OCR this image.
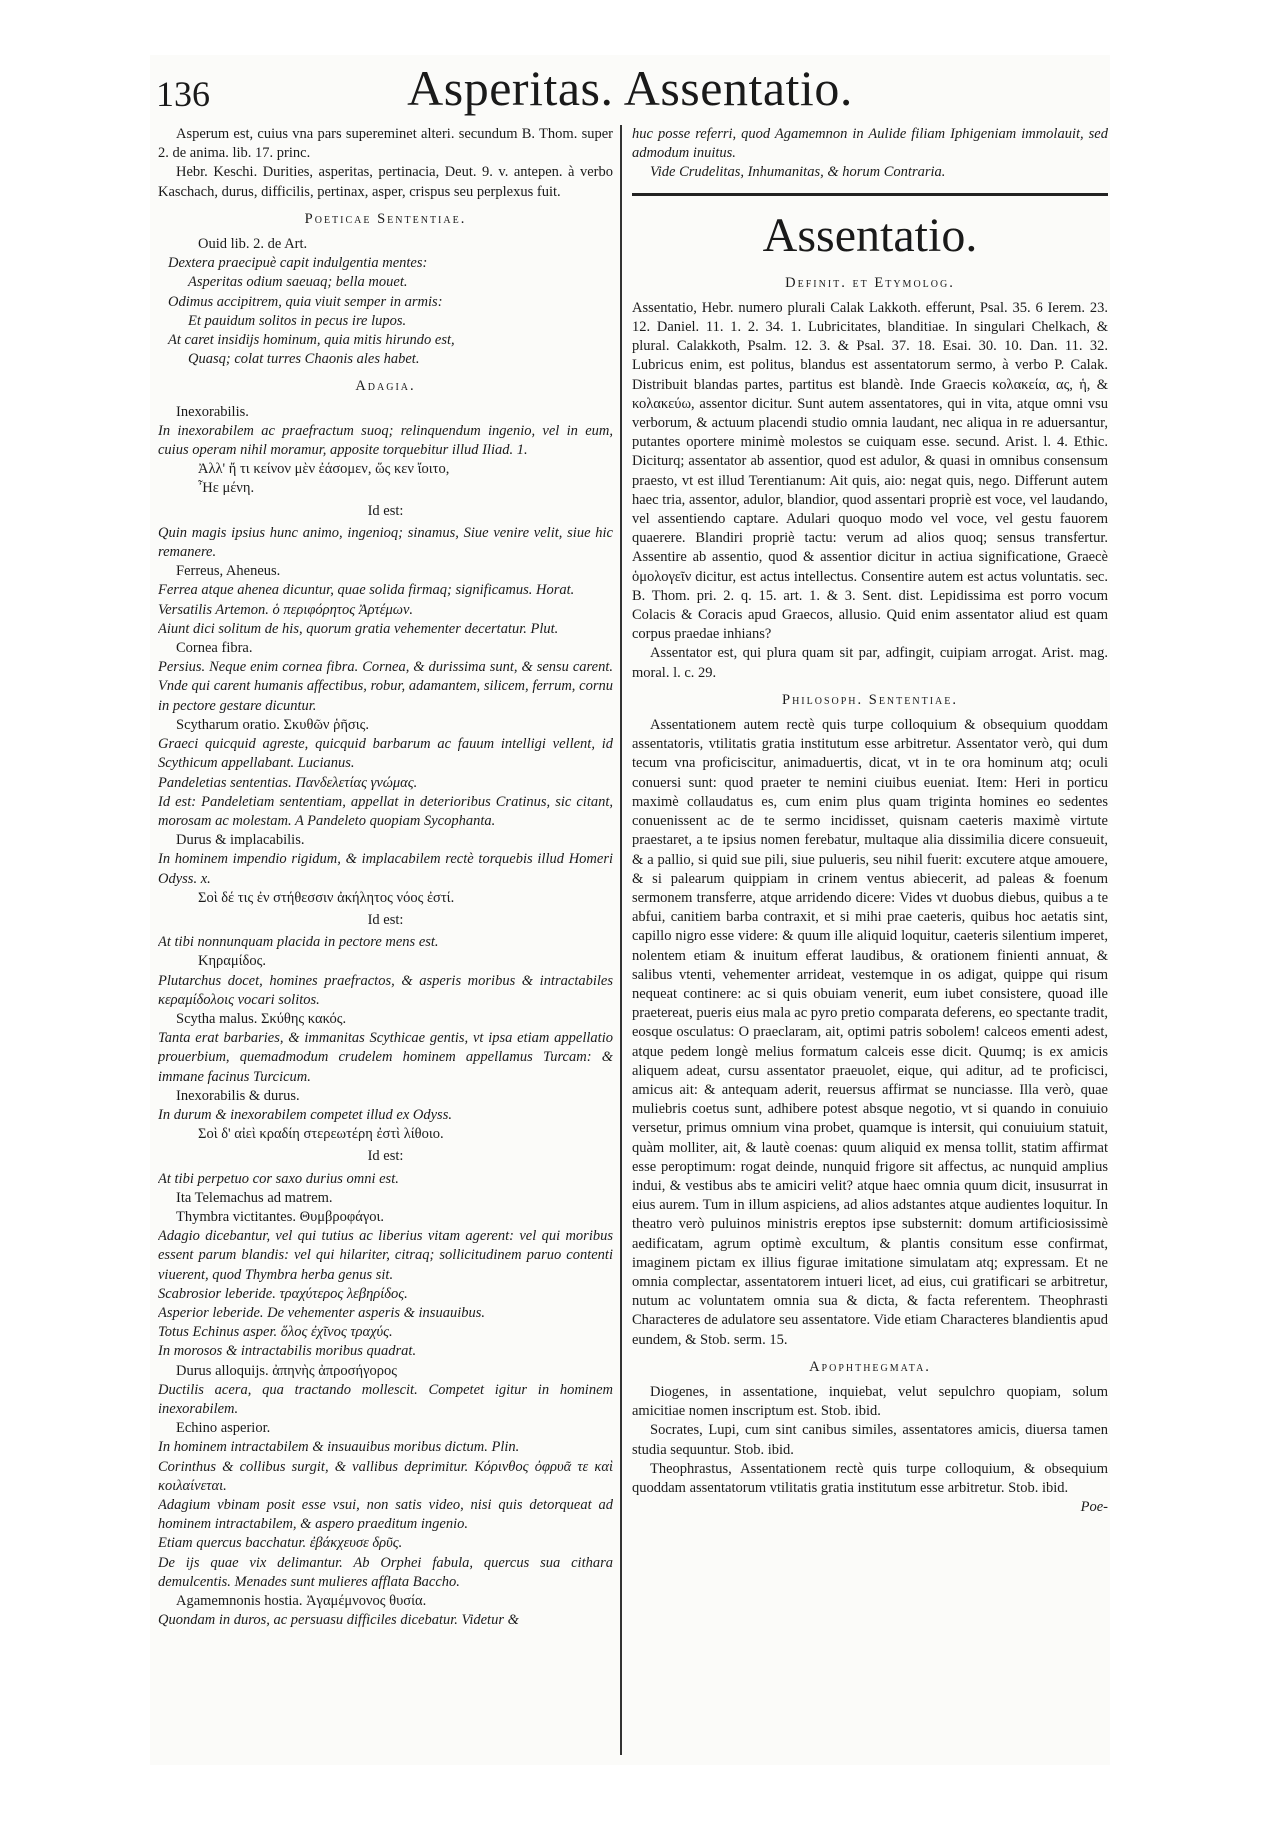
136	Asperitas. Assentatio.

Asperum est, cuius vna pars supereminet alteri. secundum B. Thom. super 2. de anima. lib. 17. princ.

Hebr. Keschi. Durities, asperitas, pertinacia, Deut. 9. v. antepen. à verbo Kaschach, durus, difficilis, pertinax, asper, crispus seu perplexus fuit.

Poeticae Sententiae.

Ouid lib. 2. de Art.

Dextera praecipuè capit indulgentia mentes:

Asperitas odium saeuaq; bella mouet.

Odimus accipitrem, quia viuit semper in armis:

Et pauidum solitos in pecus ire lupos.

At caret insidijs hominum, quia mitis hirundo est,

Quasq; colat turres Chaonis ales habet.

Adagia.

Inexorabilis.

In inexorabilem ac praefractum suoq; relinquendum ingenio, vel in eum, cuius operam nihil moramur, apposite torquebitur illud Iliad. 1.

Ἀλλ' ἤ τι κείνον μὲν ἐάσομεν, ὥς κεν ἴοιτο,

Ἦε μένη.

Id est:

Quin magis ipsius hunc animo, ingenioq; sinamus, Siue venire velit, siue hic remanere.

Ferreus, Aheneus.

Ferrea atque ahenea dicuntur, quae solida firmaq; significamus. Horat.

Versatilis Artemon. ὁ περιφόρητος Ἀρτέμων.

Aiunt dici solitum de his, quorum gratia vehementer decertatur. Plut.

Cornea fibra.

Persius. Neque enim cornea fibra. Cornea, & durissima sunt, & sensu carent. Vnde qui carent humanis affectibus, robur, adamantem, silicem, ferrum, cornu in pectore gestare dicuntur.

Scytharum oratio. Σκυθῶν ῥῆσις.

Graeci quicquid agreste, quicquid barbarum ac fauum intelligi vellent, id Scythicum appellabant. Lucianus.

Pandeletias sententias. Πανδελετίας γνώμας.

Id est: Pandeletiam sententiam, appellat in deterioribus Cratinus, sic citant, morosam ac molestam. A Pandeleto quopiam Sycophanta.

Durus & implacabilis.

In hominem impendio rigidum, & implacabilem rectè torquebis illud Homeri Odyss. x.

Σοὶ δέ τις ἐν στήθεσσιν ἀκήλητος νόος ἐστί.

Id est:

At tibi nonnunquam placida in pectore mens est.

Κηραμίδος.

Plutarchus docet, homines praefractos, & asperis moribus & intractabiles κεραμίδολοις vocari solitos.

Scytha malus. Σκύθης κακός.

Tanta erat barbaries, & immanitas Scythicae gentis, vt ipsa etiam appellatio prouerbium, quemadmodum crudelem hominem appellamus Turcam: & immane facinus Turcicum.

Inexorabilis & durus.

In durum & inexorabilem competet illud ex Odyss.

Σοὶ δ' αἰεὶ κραδίη στερεωτέρη ἐστὶ λίθοιο.

Id est:

At tibi perpetuo cor saxo durius omni est.

Ita Telemachus ad matrem.

Thymbra victitantes. Θυμβροφάγοι.

Adagio dicebantur, vel qui tutius ac liberius vitam agerent: vel qui moribus essent parum blandis: vel qui hilariter, citraq; sollicitudinem paruo contenti viuerent, quod Thymbra herba genus sit.

Scabrosior leberide. τραχύτερος λεβηρίδος.

Asperior leberide. De vehementer asperis & insuauibus.

Totus Echinus asper. ὅλος ἐχῖνος τραχύς.

In morosos & intractabilis moribus quadrat.

Durus alloquijs. ἀπηνὴς ἀπροσήγορος

Ductilis acera, qua tractando mollescit. Competet igitur in hominem inexorabilem.

Echino asperior.

In hominem intractabilem & insuauibus moribus dictum. Plin.

Corinthus & collibus surgit, & vallibus deprimitur. Κόρινθος ὀφρυᾶ τε καὶ κοιλαίνεται.

Adagium vbinam posit esse vsui, non satis video, nisi quis detorqueat ad hominem intractabilem, & aspero praeditum ingenio.

Etiam quercus bacchatur. ἐβάκχευσε δρῦς.

De ijs quae vix delimantur. Ab Orphei fabula, quercus sua cithara demulcentis. Menades sunt mulieres afflata Baccho.

Agamemnonis hostia. Ἀγαμέμνονος θυσία.

Quondam in duros, ac persuasu difficiles dicebatur. Videtur &

huc posse referri, quod Agamemnon in Aulide filiam Iphigeniam immolauit, sed admodum inuitus.

Vide Crudelitas, Inhumanitas, & horum Contraria.

Assentatio.

Definit. et Etymolog.

Assentatio, Hebr. numero plurali Calak Lakkoth. efferunt, Psal. 35. 6 Ierem. 23. 12. Daniel. 11. 1. 2. 34. 1. Lubricitates, blanditiae. In singulari Chelkach, & plural. Calakkoth, Psalm. 12. 3. & Psal. 37. 18. Esai. 30. 10. Dan. 11. 32. Lubricus enim, est politus, blandus est assentatorum sermo, à verbo P. Calak. Distribuit blandas partes, partitus est blandè. Inde Graecis κολακεία, ας, ἡ, & κολακεύω, assentor dicitur. Sunt autem assentatores, qui in vita, atque omni vsu verborum, & actuum placendi studio omnia laudant, nec aliqua in re aduersantur, putantes oportere minimè molestos se cuiquam esse. secund. Arist. l. 4. Ethic. Diciturq; assentator ab assentior, quod est adulor, & quasi in omnibus consensum praesto, vt est illud Terentianum: Ait quis, aio: negat quis, nego. Differunt autem haec tria, assentor, adulor, blandior, quod assentari propriè est voce, vel laudando, vel assentiendo captare. Adulari quoquo modo vel voce, vel gestu fauorem quaerere. Blandiri propriè tactu: verum ad alios quoq; sensus transfertur. Assentire ab assentio, quod & assentior dicitur in actiua significatione, Graecè ὁμολογεῖν dicitur, est actus intellectus. Consentire autem est actus voluntatis. sec. B. Thom. pri. 2. q. 15. art. 1. & 3. Sent. dist. Lepidissima est porro vocum Colacis & Coracis apud Graecos, allusio. Quid enim assentator aliud est quam corpus praedae inhians?

Assentator est, qui plura quam sit par, adfingit, cuipiam arrogat. Arist. mag. moral. l. c. 29.

Philosoph. Sententiae.

Assentationem autem rectè quis turpe colloquium & obsequium quoddam assentatoris, vtilitatis gratia institutum esse arbitretur. Assentator verò, qui dum tecum vna proficiscitur, animaduertis, dicat, vt in te ora hominum atq; oculi conuersi sunt: quod praeter te nemini ciuibus eueniat. Item: Heri in porticu maximè collaudatus es, cum enim plus quam triginta homines eo sedentes conuenissent ac de te sermo incidisset, quisnam caeteris maximè virtute praestaret, a te ipsius nomen ferebatur, multaque alia dissimilia dicere consueuit, & a pallio, si quid sue pili, siue pulueris, seu nihil fuerit: excutere atque amouere, & si palearum quippiam in crinem ventus abiecerit, ad paleas & foenum sermonem transferre, atque arridendo dicere: Vides vt duobus diebus, quibus a te abfui, canitiem barba contraxit, et si mihi prae caeteris, quibus hoc aetatis sint, capillo nigro esse videre: & quum ille aliquid loquitur, caeteris silentium imperet, nolentem etiam & inuitum efferat laudibus, & orationem finienti annuat, & salibus vtenti, vehementer arrideat, vestemque in os adigat, quippe qui risum nequeat continere: ac si quis obuiam venerit, eum iubet consistere, quoad ille praetereat, pueris eius mala ac pyro pretio comparata deferens, eo spectante tradit, eosque osculatus: O praeclaram, ait, optimi patris sobolem! calceos ementi adest, atque pedem longè melius formatum calceis esse dicit. Quumq; is ex amicis aliquem adeat, cursu assentator praeuolet, eique, qui aditur, ad te proficisci, amicus ait: & antequam aderit, reuersus affirmat se nunciasse. Illa verò, quae muliebris coetus sunt, adhibere potest absque negotio, vt si quando in conuiuio versetur, primus omnium vina probet, quamque is intersit, qui conuiuium statuit, quàm molliter, ait, & lautè coenas: quum aliquid ex mensa tollit, statim affirmat esse peroptimum: rogat deinde, nunquid frigore sit affectus, ac nunquid amplius indui, & vestibus abs te amiciri velit? atque haec omnia quum dicit, insusurrat in eius aurem. Tum in illum aspiciens, ad alios adstantes atque audientes loquitur. In theatro verò puluinos ministris ereptos ipse substernit: domum artificiosissimè aedificatam, agrum optimè excultum, & plantis consitum esse confirmat, imaginem pictam ex illius figurae imitatione simulatam atq; expressam. Et ne omnia complectar, assentatorem intueri licet, ad eius, cui gratificari se arbitretur, nutum ac voluntatem omnia sua & dicta, & facta referentem. Theophrasti Characteres de adulatore seu assentatore. Vide etiam Characteres blandientis apud eundem, & Stob. serm. 15.

Apophthegmata.

Diogenes, in assentatione, inquiebat, velut sepulchro quopiam, solum amicitiae nomen inscriptum est. Stob. ibid.

Socrates, Lupi, cum sint canibus similes, assentatores amicis, diuersa tamen studia sequuntur. Stob. ibid.

Theophrastus, Assentationem rectè quis turpe colloquium, & obsequium quoddam assentatorum vtilitatis gratia institutum esse arbitretur. Stob. ibid.

Poe-
